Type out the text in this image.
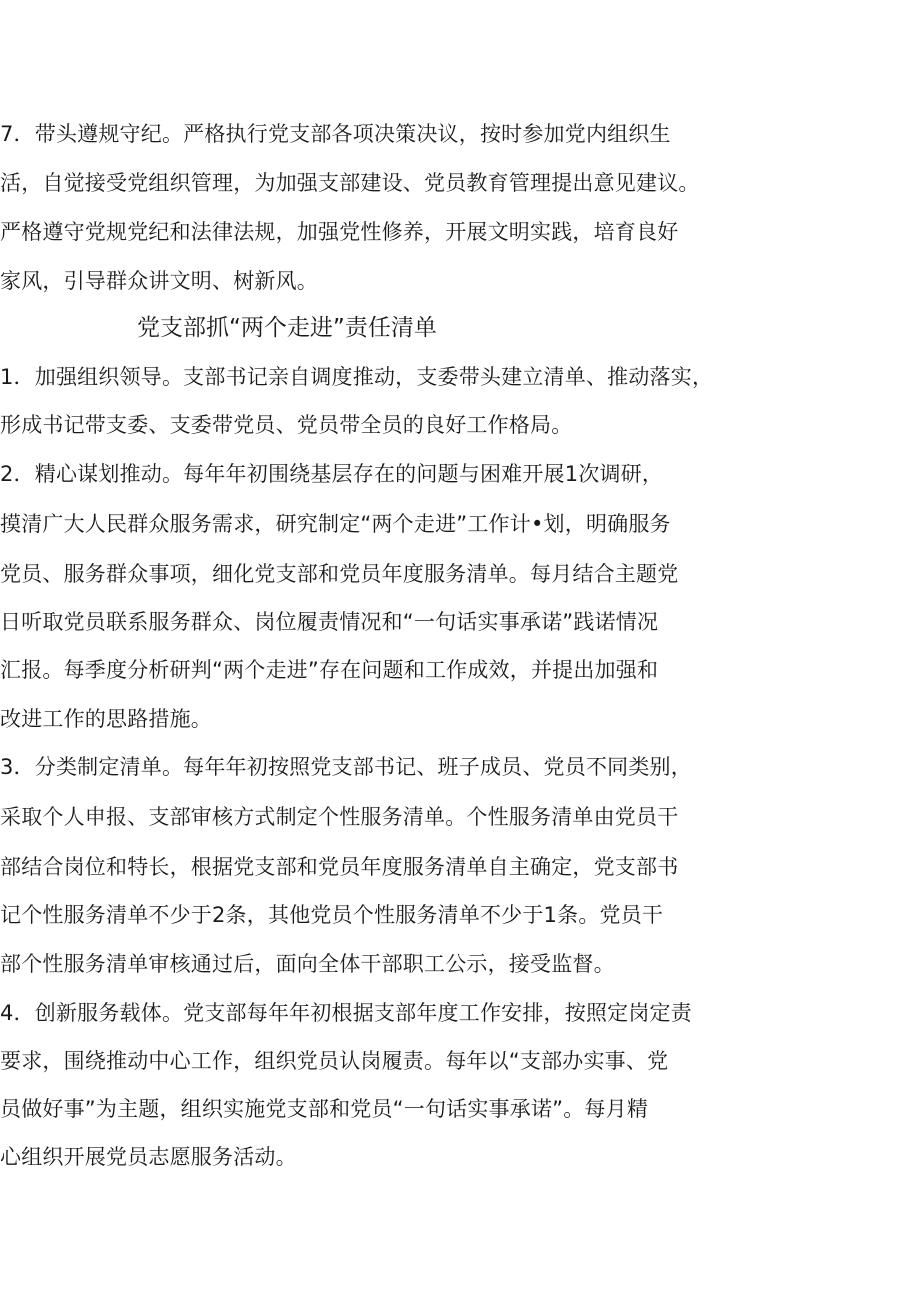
7．带头遵规守纪。严格执行党支部各项决策决议，按时参加党内组织生
活，自觉接受党组织管理，为加强支部建设、党员教育管理提出意见建议。
严格遵守党规党纪和法律法规，加强党性修养，开展文明实践，培育良好
家风，引导群众讲文明、树新风。
党支部抓“两个走进”责任清单
1．加强组织领导。支部书记亲自调度推动，支委带头建立清单、推动落实，
形成书记带支委、支委带党员、党员带全员的良好工作格局。
2．精心谋划推动。每年年初围绕基层存在的问题与困难开展1次调研，
摸清广大人民群众服务需求，研究制定“两个走进”工作计•划，明确服务
党员、服务群众事项，细化党支部和党员年度服务清单。每月结合主题党
日听取党员联系服务群众、岗位履责情况和“一句话实事承诺”践诺情况
汇报。每季度分析研判“两个走进”存在问题和工作成效，并提出加强和
改进工作的思路措施。
3．分类制定清单。每年年初按照党支部书记、班子成员、党员不同类别，
采取个人申报、支部审核方式制定个性服务清单。个性服务清单由党员干
部结合岗位和特长，根据党支部和党员年度服务清单自主确定，党支部书
记个性服务清单不少于2条，其他党员个性服务清单不少于1条。党员干
部个性服务清单审核通过后，面向全体干部职工公示，接受监督。
4．创新服务载体。党支部每年年初根据支部年度工作安排，按照定岗定责
要求，围绕推动中心工作，组织党员认岗履责。每年以“支部办实事、党
员做好事”为主题，组织实施党支部和党员“一句话实事承诺”。每月精
心组织开展党员志愿服务活动。
